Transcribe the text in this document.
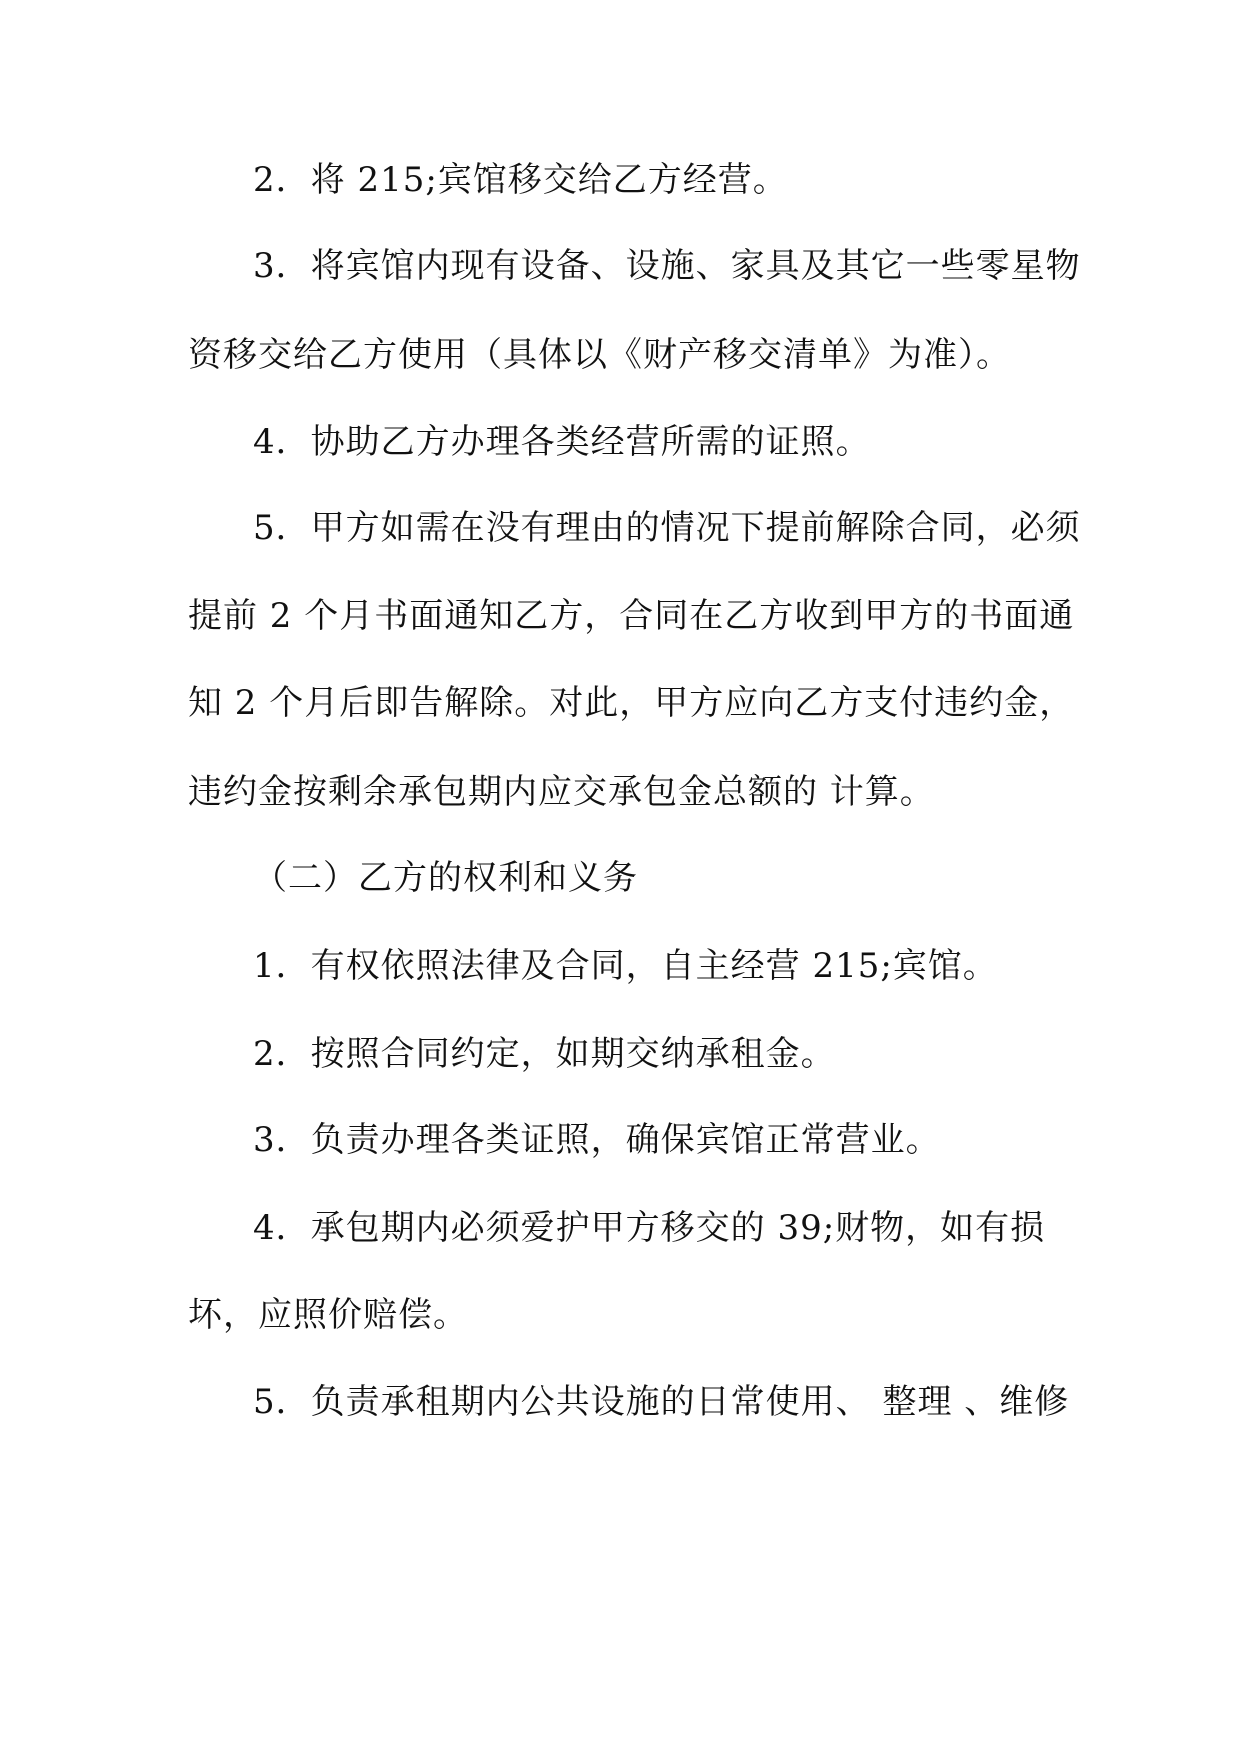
2．将 215;宾馆移交给乙方经营。

3．将宾馆内现有设备、设施、家具及其它一些零星物

资移交给乙方使用（具体以《财产移交清单》为准）。

4．协助乙方办理各类经营所需的证照。

5．甲方如需在没有理由的情况下提前解除合同，必须

提前 2 个月书面通知乙方，合同在乙方收到甲方的书面通

知 2 个月后即告解除。对此，甲方应向乙方支付违约金，

违约金按剩余承包期内应交承包金总额的 计算。

（二）乙方的权利和义务

1．有权依照法律及合同，自主经营 215;宾馆。

2．按照合同约定，如期交纳承租金。

3．负责办理各类证照，确保宾馆正常营业。

4．承包期内必须爱护甲方移交的 39;财物，如有损

坏，应照价赔偿。

5．负责承租期内公共设施的日常使用、 整理 、维修
